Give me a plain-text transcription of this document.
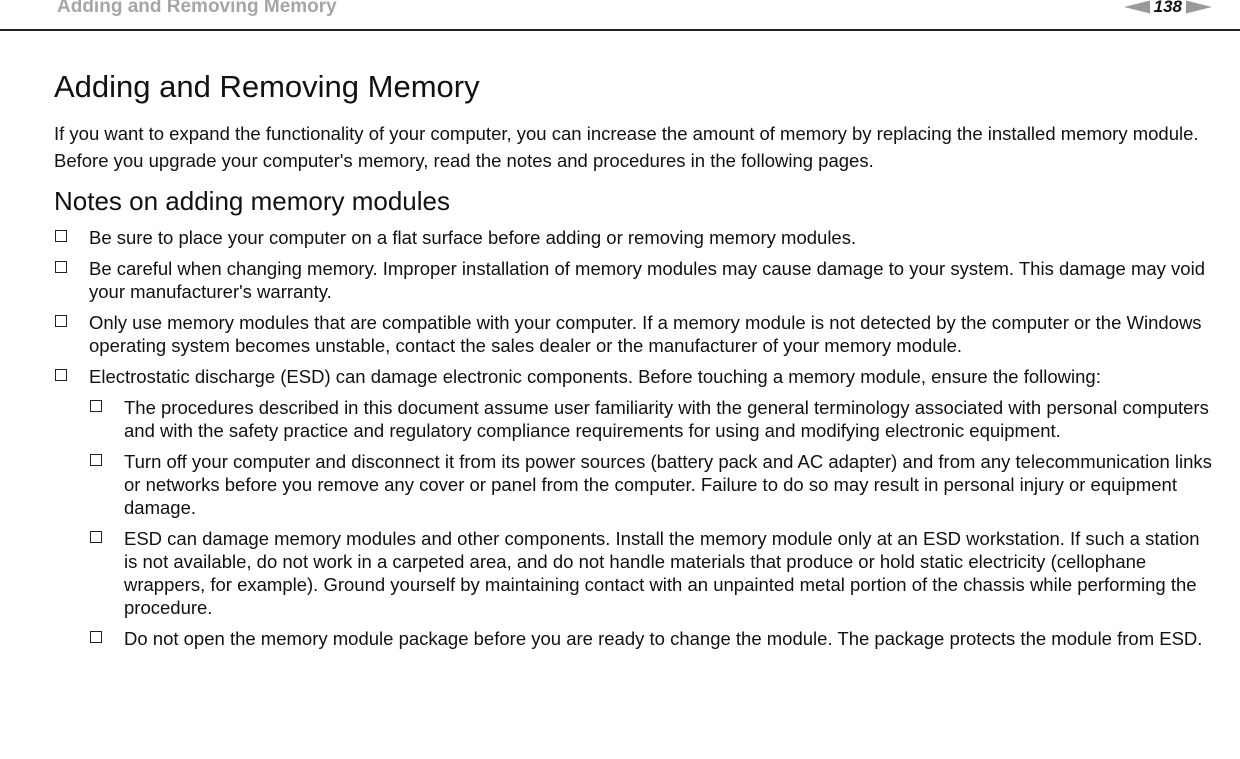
Adding and Removing Memory	138
Adding and Removing Memory

If you want to expand the functionality of your computer, you can increase the amount of memory by replacing the installed memory module. Before you upgrade your computer's memory, read the notes and procedures in the following pages.

Notes on adding memory modules
Be sure to place your computer on a flat surface before adding or removing memory modules.
Be careful when changing memory. Improper installation of memory modules may cause damage to your system. This damage may void your manufacturer's warranty.
Only use memory modules that are compatible with your computer. If a memory module is not detected by the computer or the Windows operating system becomes unstable, contact the sales dealer or the manufacturer of your memory module.
Electrostatic discharge (ESD) can damage electronic components. Before touching a memory module, ensure the following:
The procedures described in this document assume user familiarity with the general terminology associated with personal computers and with the safety practice and regulatory compliance requirements for using and modifying electronic equipment.
Turn off your computer and disconnect it from its power sources (battery pack and AC adapter) and from any telecommunication links or networks before you remove any cover or panel from the computer. Failure to do so may result in personal injury or equipment damage.
ESD can damage memory modules and other components. Install the memory module only at an ESD workstation. If such a station is not available, do not work in a carpeted area, and do not handle materials that produce or hold static electricity (cellophane wrappers, for example). Ground yourself by maintaining contact with an unpainted metal portion of the chassis while performing the procedure.
Do not open the memory module package before you are ready to change the module. The package protects the module from ESD.
